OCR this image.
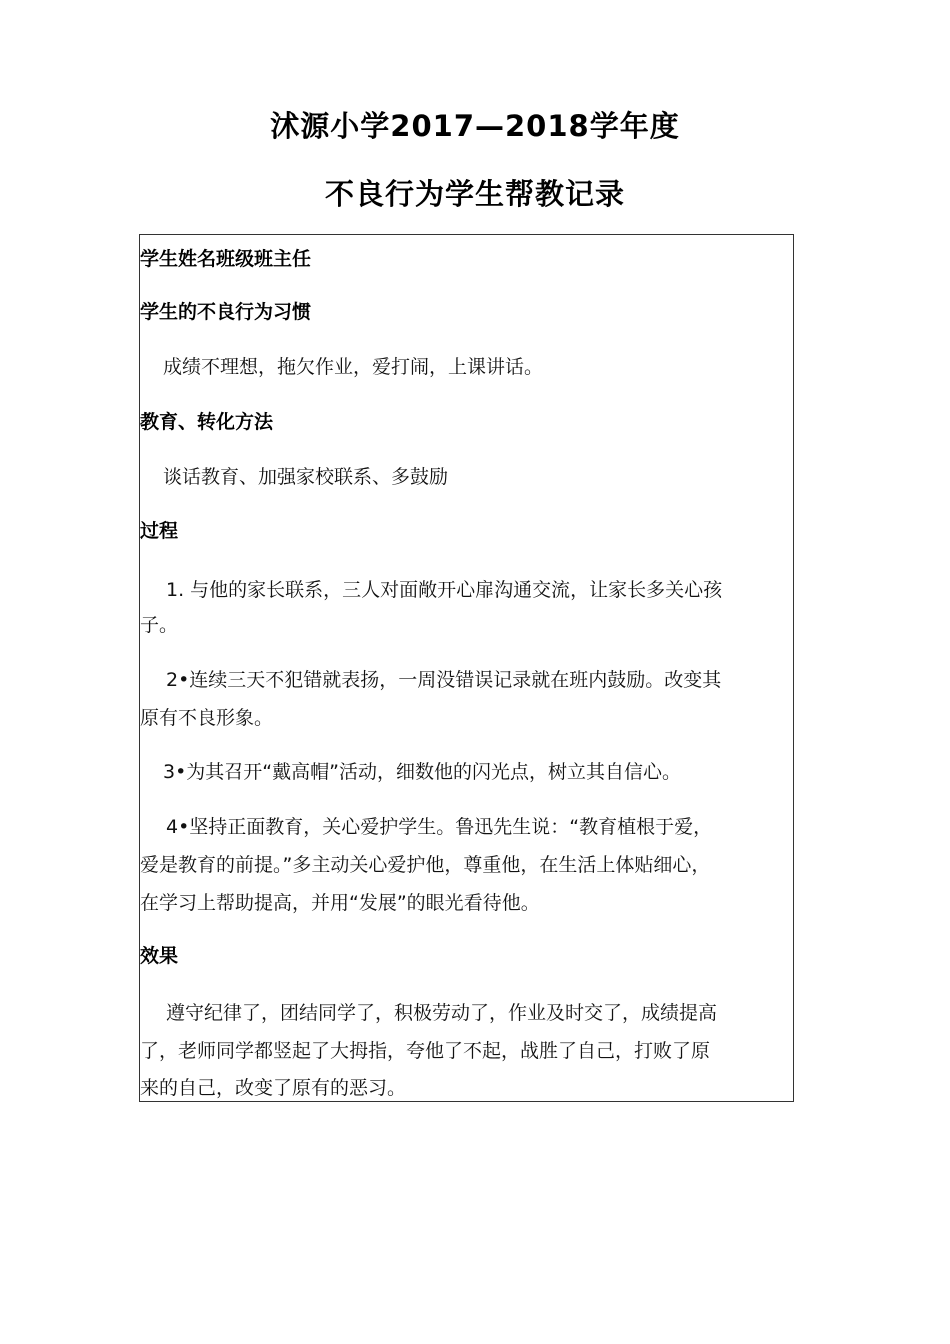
沭源小学2017—2018学年度
不良行为学生帮教记录
学生姓名班级班主任
学生的不良行为习惯
成绩不理想，拖欠作业，爱打闹，上课讲话。
教育、转化方法
谈话教育、加强家校联系、多鼓励
过程
1. 与他的家长联系，三人对面敞开心扉沟通交流，让家长多关心孩
子。
2•连续三天不犯错就表扬，一周没错误记录就在班内鼓励。改变其
原有不良形象。
3•为其召开“戴高帽”活动，细数他的闪光点，树立其自信心。
4•坚持正面教育，关心爱护学生。鲁迅先生说：“教育植根于爱，
爱是教育的前提。”多主动关心爱护他，尊重他，在生活上体贴细心，
在学习上帮助提高，并用“发展”的眼光看待他。
效果
遵守纪律了，团结同学了，积极劳动了，作业及时交了，成绩提高
了，老师同学都竖起了大拇指，夸他了不起，战胜了自己，打败了原
来的自己，改变了原有的恶习。
